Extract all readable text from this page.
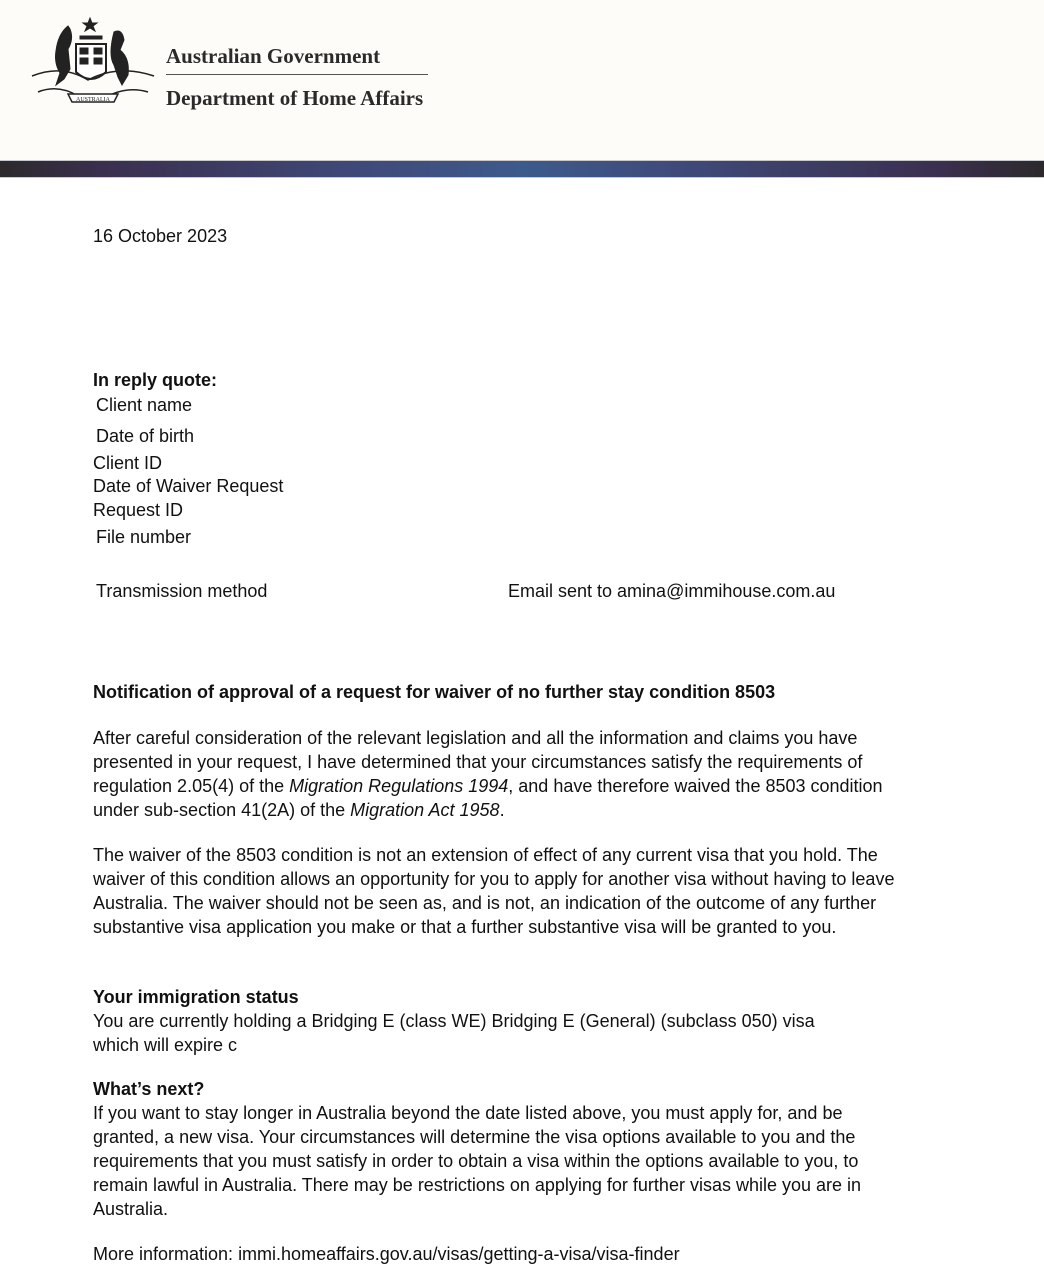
AUSTRALIA
Australian Government
Department of Home Affairs
16 October 2023
In reply quote:
Client name
Date of birth
Client ID
Date of Waiver Request
Request ID
File number
Transmission method	Email sent to amina@immihouse.com.au
Notification of approval of a request for waiver of no further stay condition 8503

After careful consideration of the relevant legislation and all the information and claims you have presented in your request, I have determined that your circumstances satisfy the requirements of regulation 2.05(4) of the Migration Regulations 1994, and have therefore waived the 8503 condition under sub-section 41(2A) of the Migration Act 1958.

The waiver of the 8503 condition is not an extension of effect of any current visa that you hold. The waiver of this condition allows an opportunity for you to apply for another visa without having to leave Australia. The waiver should not be seen as, and is not, an indication of the outcome of any further substantive visa application you make or that a further substantive visa will be granted to you.

Your immigration status
You are currently holding a Bridging E (class WE) Bridging E (General) (subclass 050) visa
which will expire c
What’s next?

If you want to stay longer in Australia beyond the date listed above, you must apply for, and be granted, a new visa. Your circumstances will determine the visa options available to you and the requirements that you must satisfy in order to obtain a visa within the options available to you, to remain lawful in Australia. There may be restrictions on applying for further visas while you are in Australia.

More information: immi.homeaffairs.gov.au/visas/getting-a-visa/visa-finder
